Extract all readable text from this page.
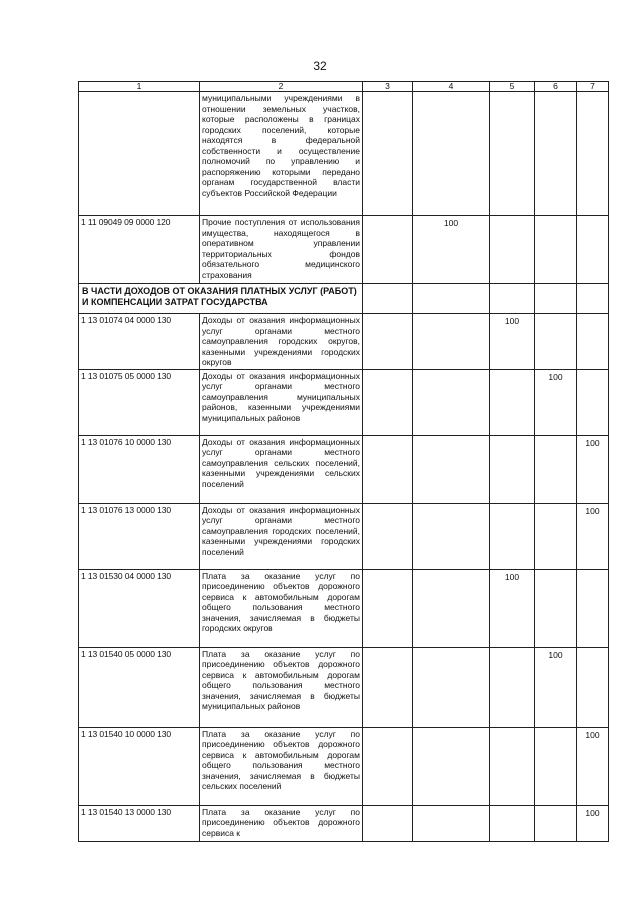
32
1	2	3	4	5	6	7
	муниципальными учреждениями в отношении земельных участков, которые расположены в границах городских поселений, которые находятся в федеральной собственности и осуществление полномочий по управлению и распоряжению которыми передано органам государственной власти субъектов Российской Федерации					
1 11 09049 09 0000 120	Прочие поступления от использования имущества, находящегося в оперативном управлении территориальных фондов обязательного медицинского страхования		100			
В ЧАСТИ ДОХОДОВ ОТ ОКАЗАНИЯ ПЛАТНЫХ УСЛУГ (РАБОТ) И КОМПЕНСАЦИИ ЗАТРАТ ГОСУДАРСТВА						
1 13 01074 04 0000 130	Доходы от оказания информационных услуг органами местного самоуправления городских округов, казенными учреждениями городских округов			100		
1 13 01075 05 0000 130	Доходы от оказания информационных услуг органами местного самоуправления муниципальных районов, казенными учреждениями муниципальных районов				100	
1 13 01076 10 0000 130	Доходы от оказания информационных услуг органами местного самоуправления сельских поселений, казенными учреждениями сельских поселений					100
1 13 01076 13 0000 130	Доходы от оказания информационных услуг органами местного самоуправления городских поселений, казенными учреждениями городских поселений					100
1 13 01530 04 0000 130	Плата за оказание услуг по присоединению объектов дорожного сервиса к автомобильным дорогам общего пользования местного значения, зачисляемая в бюджеты городских округов			100		
1 13 01540 05 0000 130	Плата за оказание услуг по присоединению объектов дорожного сервиса к автомобильным дорогам общего пользования местного значения, зачисляемая в бюджеты муниципальных районов				100	
1 13 01540 10 0000 130	Плата за оказание услуг по присоединению объектов дорожного сервиса к автомобильным дорогам общего пользования местного значения, зачисляемая в бюджеты сельских поселений					100
1 13 01540 13 0000 130	Плата за оказание услуг по присоединению объектов дорожного сервиса к					100
